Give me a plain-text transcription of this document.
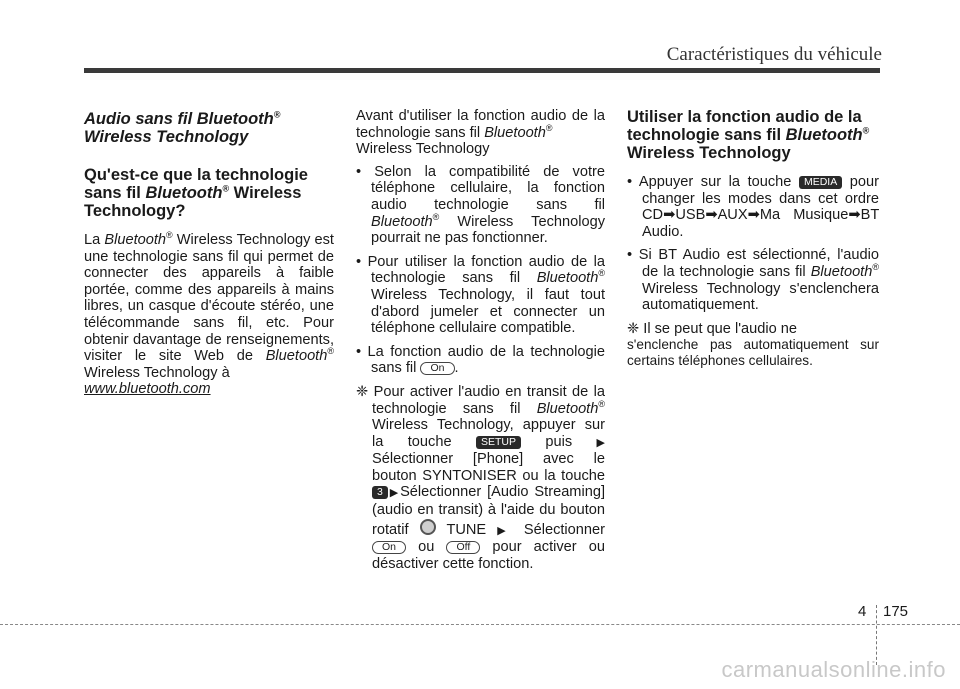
Caractéristiques du véhicule
Audio sans fil Bluetooth®
Wireless Technology
Qu'est-ce que la technologie sans fil Bluetooth® Wireless Technology?

La Bluetooth® Wireless Technology est une technologie sans fil qui permet de connecter des appareils à faible portée, comme des appareils à mains libres, un casque d'écoute stéréo, une télécommande sans fil, etc. Pour obtenir davantage de renseignements, visiter le site Web de Bluetooth® Wireless Technology à
www.bluetooth.com

Avant d'utiliser la fonction audio de la technologie sans fil Bluetooth®
Wireless Technology

• Selon la compatibilité de votre téléphone cellulaire, la fonction audio technologie sans fil Bluetooth® Wireless Technology pourrait ne pas fonctionner.

• Pour utiliser la fonction audio de la technologie sans fil Bluetooth® Wireless Technology, il faut tout d'abord jumeler et connecter un téléphone cellulaire compatible.

• La fonction audio de la technologie sans fil On .

❈ Pour activer l'audio en transit de la technologie sans fil Bluetooth® Wireless Technology, appuyer sur la touche SETUP puis ▶ Sélectionner [Phone] avec le bouton SYNTONISER ou la touche 3 ▶Sélectionner [Audio Streaming] (audio en transit) à l'aide du bouton rotatif  TUNE ▶ Sélectionner On ou Off pour activer ou désactiver cette fonction.

Utiliser la fonction audio de la technologie sans fil Bluetooth® Wireless Technology

• Appuyer sur la touche MEDIA pour changer les modes dans cet ordre CD➡USB➡AUX➡Ma Musique➡BT Audio.

• Si BT Audio est sélectionné, l'audio de la technologie sans fil Bluetooth® Wireless Technology s'enclenchera automatiquement.

❈ Il se peut que l'audio ne

s'enclenche pas automatiquement sur certains téléphones cellulaires.

4 175
carmanualsonline.info
